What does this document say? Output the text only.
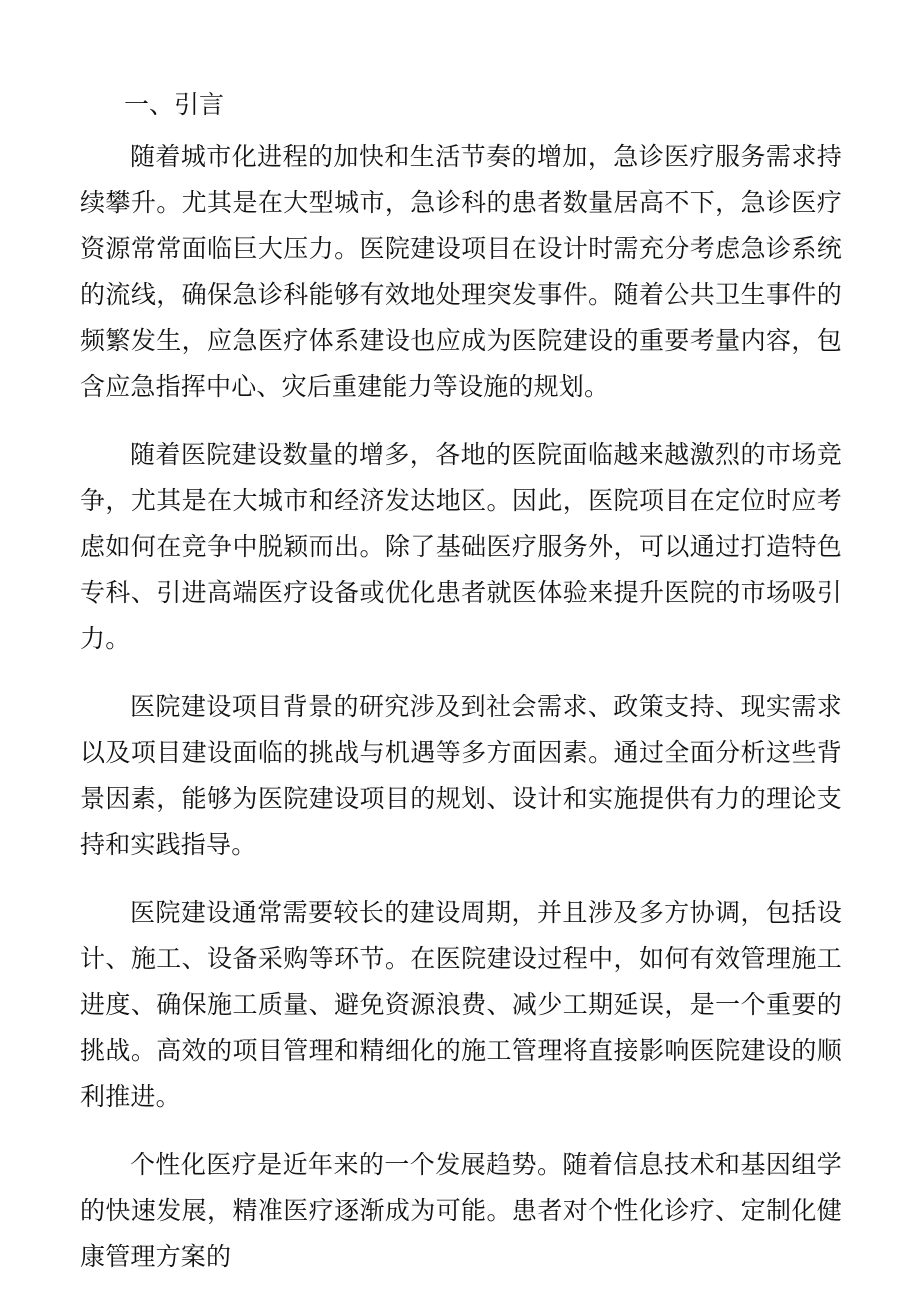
一、引言

随着城市化进程的加快和生活节奏的增加，急诊医疗服务需求持续攀升。尤其是在大型城市，急诊科的患者数量居高不下，急诊医疗资源常常面临巨大压力。医院建设项目在设计时需充分考虑急诊系统的流线，确保急诊科能够有效地处理突发事件。随着公共卫生事件的频繁发生，应急医疗体系建设也应成为医院建设的重要考量内容，包含应急指挥中心、灾后重建能力等设施的规划。

随着医院建设数量的增多，各地的医院面临越来越激烈的市场竞争，尤其是在大城市和经济发达地区。因此，医院项目在定位时应考虑如何在竞争中脱颖而出。除了基础医疗服务外，可以通过打造特色专科、引进高端医疗设备或优化患者就医体验来提升医院的市场吸引力。

医院建设项目背景的研究涉及到社会需求、政策支持、现实需求以及项目建设面临的挑战与机遇等多方面因素。通过全面分析这些背景因素，能够为医院建设项目的规划、设计和实施提供有力的理论支持和实践指导。

医院建设通常需要较长的建设周期，并且涉及多方协调，包括设计、施工、设备采购等环节。在医院建设过程中，如何有效管理施工进度、确保施工质量、避免资源浪费、减少工期延误，是一个重要的挑战。高效的项目管理和精细化的施工管理将直接影响医院建设的顺利推进。

个性化医疗是近年来的一个发展趋势。随着信息技术和基因组学的快速发展，精准医疗逐渐成为可能。患者对个性化诊疗、定制化健康管理方案的
